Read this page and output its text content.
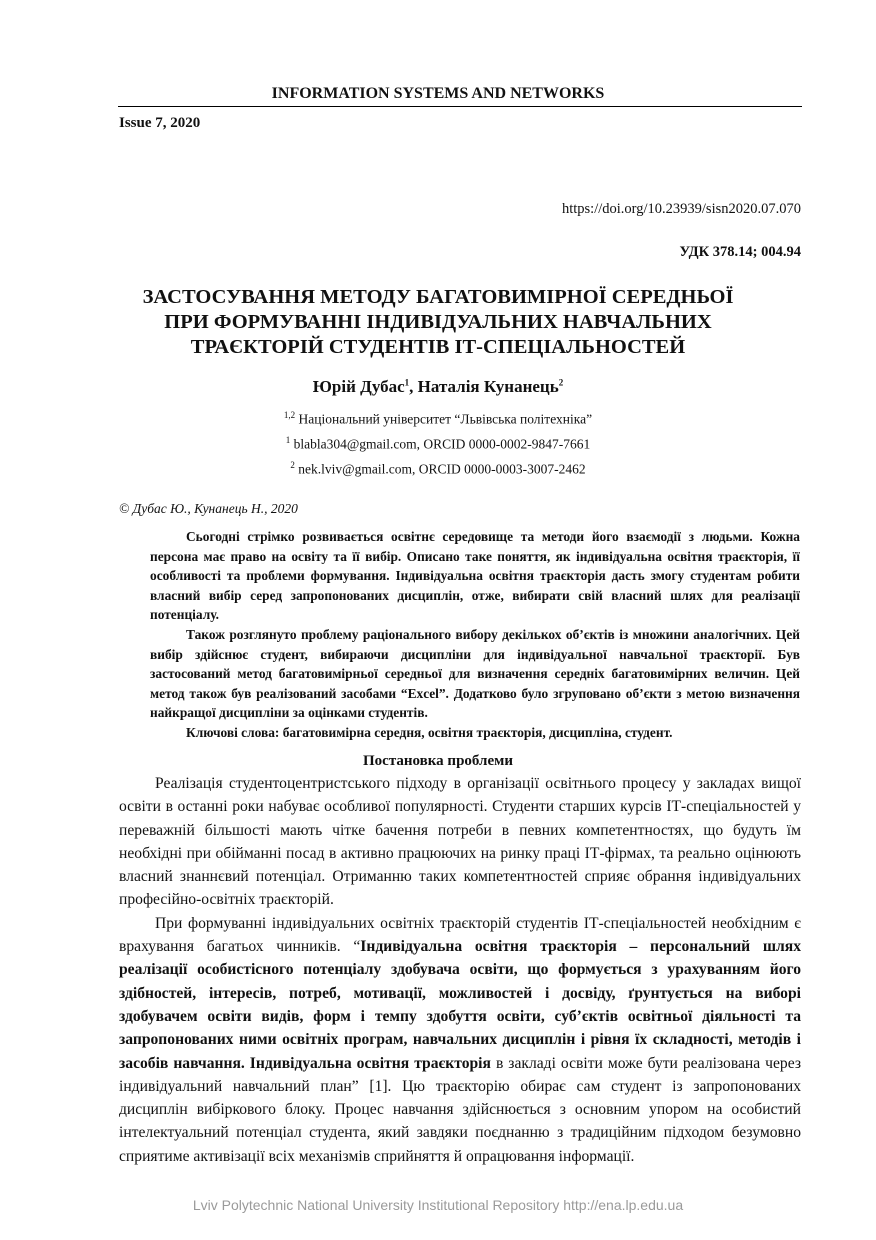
INFORMATION SYSTEMS AND NETWORKS
Issue 7, 2020
https://doi.org/10.23939/sisn2020.07.070
УДК 378.14; 004.94
ЗАСТОСУВАННЯ МЕТОДУ БАГАТОВИМІРНОЇ СЕРЕДНЬОЇ
ПРИ ФОРМУВАННІ ІНДИВІДУАЛЬНИХ НАВЧАЛЬНИХ
ТРАЄКТОРІЙ СТУДЕНТІВ ІТ-СПЕЦІАЛЬНОСТЕЙ
Юрій Дубас$^1$, Наталія Кунанець$^2$
$^{1,2}$ Національний університет “Львівська політехніка”
$^1$ blabla304@gmail.com, ORCID 0000-0002-9847-7661
$^2$ nek.lviv@gmail.com, ORCID 0000-0003-3007-2462
© Дубас Ю., Кунанець Н., 2020

Сьогодні стрімко розвивається освітнє середовище та методи його взаємодії з людьми. Кожна персона має право на освіту та її вибір. Описано таке поняття, як індивідуальна освітня траєкторія, її особливості та проблеми формування. Індивідуальна освітня траєкторія дасть змогу студентам робити власний вибір серед запропонованих дисциплін, отже, вибирати свій власний шлях для реалізації потенціалу.

Також розглянуто проблему раціонального вибору декількох об’єктів із множини аналогічних. Цей вибір здійснює студент, вибираючи дисципліни для індивідуальної навчальної траєкторії. Був застосований метод багатовимірньої середньої для визначення середніх багатовимірних величин. Цей метод також був реалізований засобами “Excel”. Додатково було згруповано об’єкти з метою визначення найкращої дисципліни за оцінками студентів.

Ключові слова: багатовимірна середня, освітня траєкторія, дисципліна, студент.

Постановка проблеми

Реалізація студентоцентристського підходу в організації освітнього процесу у закладах вищої освіти в останні роки набуває особливої популярності. Студенти старших курсів ІТ-спеціальностей у переважній більшості мають чітке бачення потреби в певних компетентностях, що будуть їм необхідні при обійманні посад в активно працюючих на ринку праці ІТ-фірмах, та реально оцінюють власний знаннєвий потенціал. Отриманню таких компетентностей сприяє обрання індивідуальних професійно-освітніх траєкторій.

При формуванні індивідуальних освітніх траєкторій студентів ІТ-спеціальностей необхідним є врахування багатьох чинників. “Індивідуальна освітня траєкторія – персональний шлях реалізації особистісного потенціалу здобувача освіти, що формується з урахуванням його здібностей, інтересів, потреб, мотивації, можливостей і досвіду, ґрунтується на виборі здобувачем освіти видів, форм і темпу здобуття освіти, суб’єктів освітньої діяльності та запропонованих ними освітніх програм, навчальних дисциплін і рівня їх складності, методів і засобів навчання. Індивідуальна освітня траєкторія в закладі освіти може бути реалізована через індивідуальний навчальний план” [1]. Цю траєкторію обирає сам студент із запропонованих дисциплін вибіркового блоку. Процес навчання здійснюється з основним упором на особистий інтелектуальний потенціал студента, який завдяки поєднанню з традиційним підходом безумовно сприятиме активізації всіх механізмів сприйняття й опрацювання інформації.

Lviv Polytechnic National University Institutional Repository http://ena.lp.edu.ua
